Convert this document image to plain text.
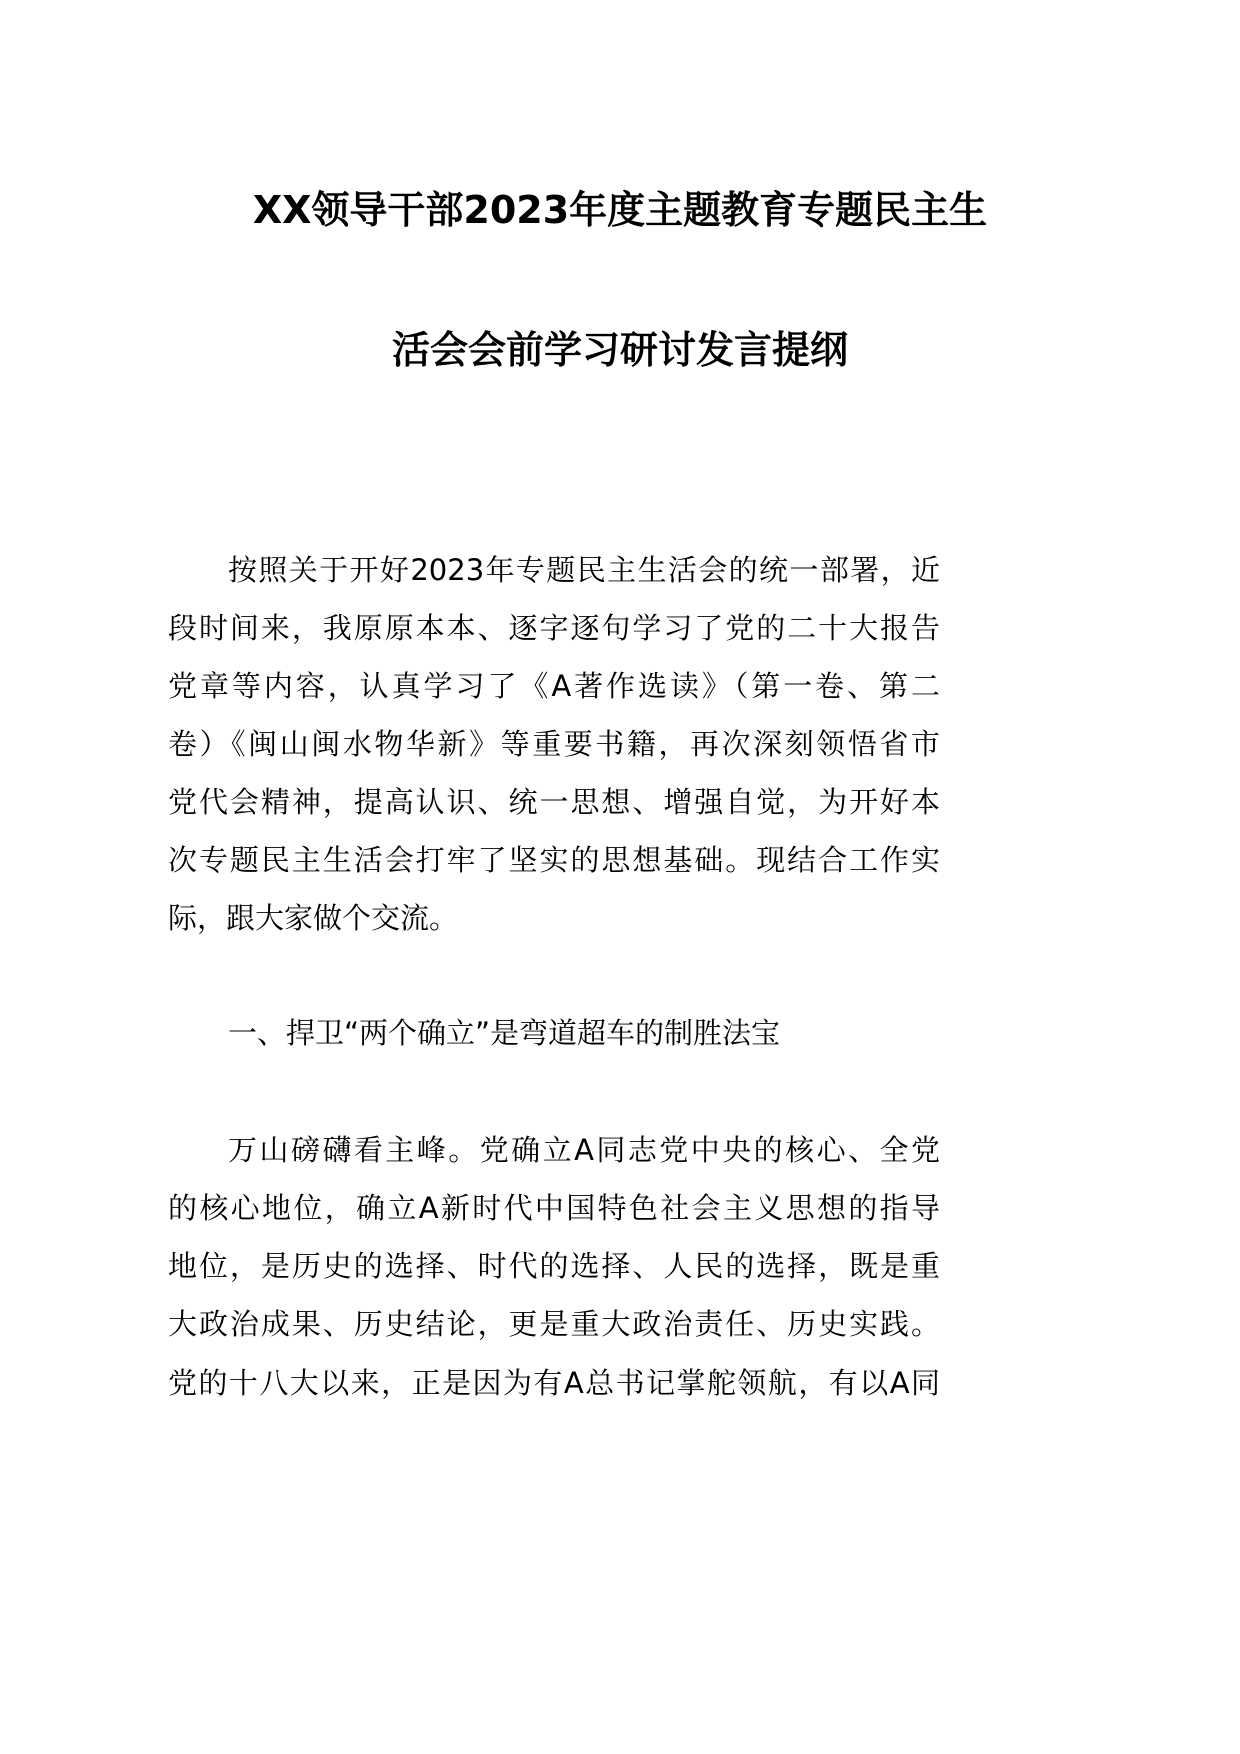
XX领导干部2023年度主题教育专题民主生
活会会前学习研讨发言提纲
按照关于开好2023年专题民主生活会的统一部署，近
段时间来，我原原本本、逐字逐句学习了党的二十大报告
党章等内容，认真学习了《A著作选读》（第一卷、第二
卷）《闽山闽水物华新》等重要书籍，再次深刻领悟省市
党代会精神，提高认识、统一思想、增强自觉，为开好本
次专题民主生活会打牢了坚实的思想基础。现结合工作实
际，跟大家做个交流。
一、捍卫“两个确立”是弯道超车的制胜法宝
万山磅礴看主峰。党确立A同志党中央的核心、全党
的核心地位，确立A新时代中国特色社会主义思想的指导
地位，是历史的选择、时代的选择、人民的选择，既是重
大政治成果、历史结论，更是重大政治责任、历史实践。
党的十八大以来，正是因为有A总书记掌舵领航，有以A同
